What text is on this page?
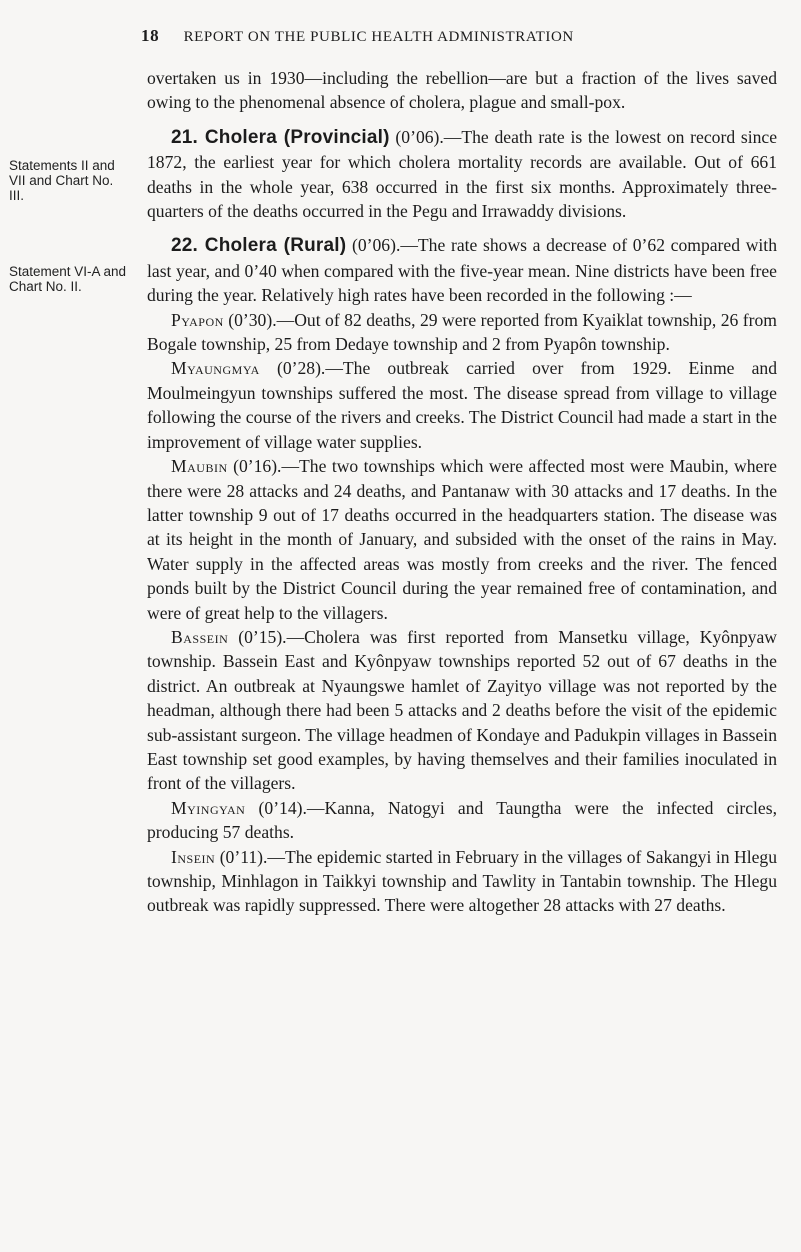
18 REPORT ON THE PUBLIC HEALTH ADMINISTRATION
Statements II and VII and Chart No. III.
Statement VI-A and Chart No. II.

overtaken us in 1930—including the rebellion—are but a fraction of the lives saved owing to the phenomenal absence of cholera, plague and small-pox.

21. Cholera (Provincial) (0’06).—The death rate is the lowest on record since 1872, the earliest year for which cholera mortality records are available. Out of 661 deaths in the whole year, 638 occurred in the first six months. Approximately three-quarters of the deaths occurred in the Pegu and Irrawaddy divisions.

22. Cholera (Rural) (0’06).—The rate shows a decrease of 0’62 compared with last year, and 0’40 when compared with the five-year mean. Nine districts have been free during the year. Relatively high rates have been recorded in the following :—

Pyapon (0’30).—Out of 82 deaths, 29 were reported from Kyaiklat township, 26 from Bogale township, 25 from Dedaye township and 2 from Pyapôn township.

Myaungmya (0’28).—The outbreak carried over from 1929. Einme and Moulmeingyun townships suffered the most. The disease spread from village to village following the course of the rivers and creeks. The District Council had made a start in the improvement of village water supplies.

Maubin (0’16).—The two townships which were affected most were Maubin, where there were 28 attacks and 24 deaths, and Pantanaw with 30 attacks and 17 deaths. In the latter township 9 out of 17 deaths occurred in the headquarters station. The disease was at its height in the month of January, and subsided with the onset of the rains in May. Water supply in the affected areas was mostly from creeks and the river. The fenced ponds built by the District Council during the year remained free of contamination, and were of great help to the villagers.

Bassein (0’15).—Cholera was first reported from Mansetku village, Kyônpyaw township. Bassein East and Kyônpyaw townships reported 52 out of 67 deaths in the district. An outbreak at Nyaungswe hamlet of Zayityo village was not reported by the headman, although there had been 5 attacks and 2 deaths before the visit of the epidemic sub-assistant surgeon. The village headmen of Kondaye and Padukpin villages in Bassein East township set good examples, by having themselves and their families inoculated in front of the villagers.

Myingyan (0’14).—Kanna, Natogyi and Taungtha were the infected circles, producing 57 deaths.

Insein (0’11).—The epidemic started in February in the villages of Sakangyi in Hlegu township, Minhlagon in Taikkyi township and Tawlity in Tantabin township. The Hlegu outbreak was rapidly suppressed. There were altogether 28 attacks with 27 deaths.
